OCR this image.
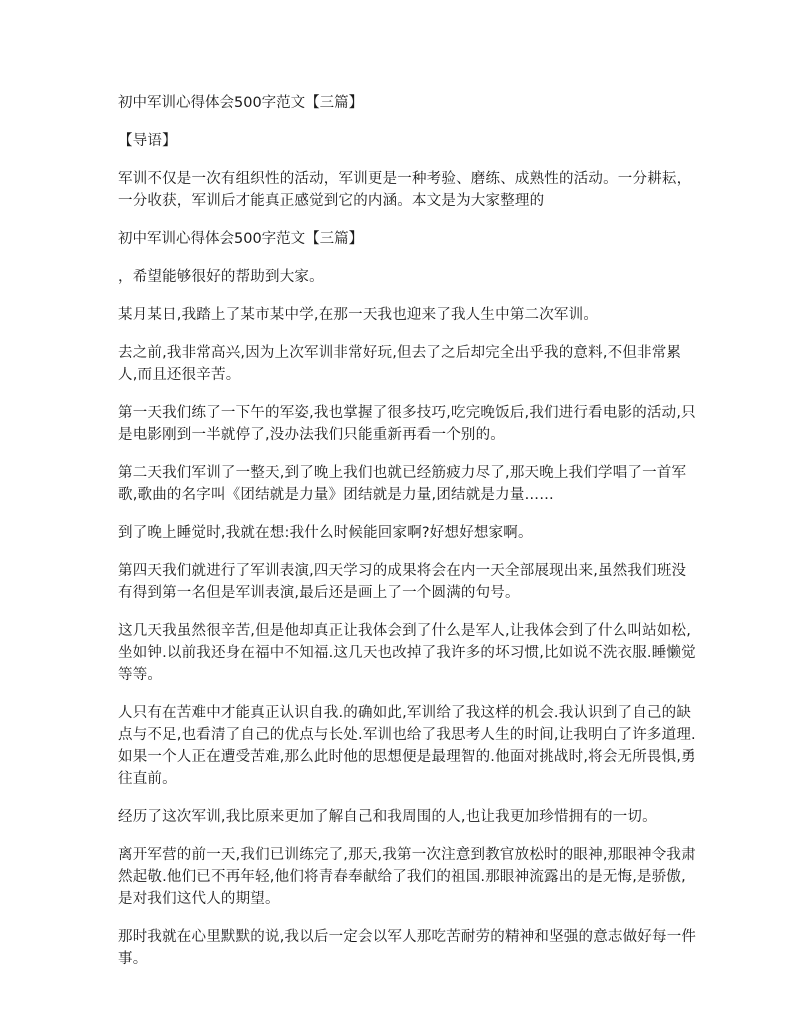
初中军训心得体会500字范文【三篇】

【导语】

军训不仅是一次有组织性的活动，军训更是一种考验、磨练、成熟性的活动。一分耕耘，一分收获，军训后才能真正感觉到它的内涵。本文是为大家整理的

初中军训心得体会500字范文【三篇】

，希望能够很好的帮助到大家。

某月某日,我踏上了某市某中学,在那一天我也迎来了我人生中第二次军训。

去之前,我非常高兴,因为上次军训非常好玩,但去了之后却完全出乎我的意料,不但非常累人,而且还很辛苦。

第一天我们练了一下午的军姿,我也掌握了很多技巧,吃完晚饭后,我们进行看电影的活动,只是电影刚到一半就停了,没办法我们只能重新再看一个别的。

第二天我们军训了一整天,到了晚上我们也就已经筋疲力尽了,那天晚上我们学唱了一首军歌,歌曲的名字叫《团结就是力量》团结就是力量,团结就是力量……

到了晚上睡觉时,我就在想:我什么时候能回家啊?好想好想家啊。

第四天我们就进行了军训表演,四天学习的成果将会在内一天全部展现出来,虽然我们班没有得到第一名但是军训表演,最后还是画上了一个圆满的句号。

这几天我虽然很辛苦,但是他却真正让我体会到了什么是军人,让我体会到了什么叫站如松,坐如钟.以前我还身在福中不知福.这几天也改掉了我许多的坏习惯,比如说不洗衣服.睡懒觉等等。

人只有在苦难中才能真正认识自我.的确如此,军训给了我这样的机会.我认识到了自己的缺点与不足,也看清了自己的优点与长处.军训也给了我思考人生的时间,让我明白了许多道理.如果一个人正在遭受苦难,那么此时他的思想便是最理智的.他面对挑战时,将会无所畏惧,勇往直前。

经历了这次军训,我比原来更加了解自己和我周围的人,也让我更加珍惜拥有的一切。

离开军营的前一天,我们已训练完了,那天,我第一次注意到教官放松时的眼神,那眼神令我肃然起敬.他们已不再年轻,他们将青春奉献给了我们的祖国.那眼神流露出的是无悔,是骄傲,是对我们这代人的期望。

那时我就在心里默默的说,我以后一定会以军人那吃苦耐劳的精神和坚强的意志做好每一件事。
